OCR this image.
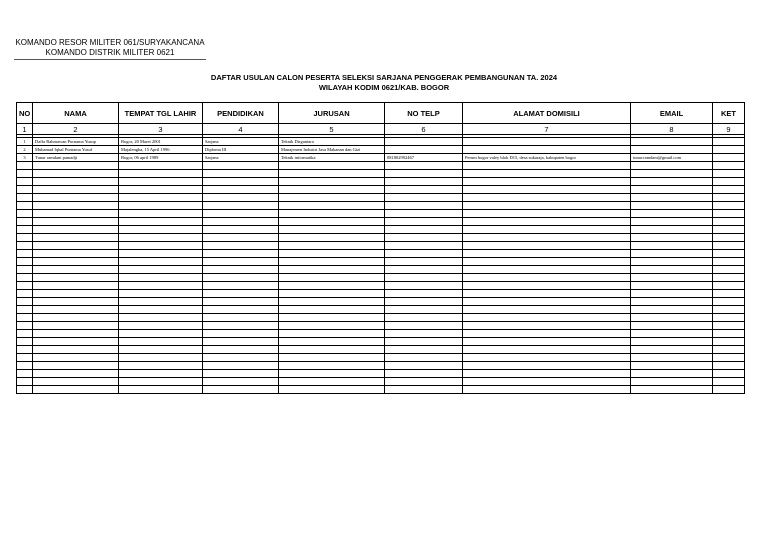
KOMANDO RESOR MILITER 061/SURYAKANCANA
KOMANDO DISTRIK MILITER 0621
DAFTAR USULAN CALON PESERTA SELEKSI SARJANA PENGGERAK PEMBANGUNAN TA. 2024
WILAYAH KODIM 0621/KAB. BOGOR
NO	NAMA	TEMPAT TGL LAHIR	PENDIDIKAN	JURUSAN	NO TELP	ALAMAT DOMISILI	EMAIL	KET
1	2	3	4	5	6	7	8	9

1	Daffa Rahmawan Purnama Yusup	Bogor, 20 Maret 2001	Sarjana	Teknik Dirgantara				
2	Muhamad Iqbal Purnama Yusuf	Majalengka, 15 April 1996	Diploma III	Manajemen Industri Jasa Makanan dan Gizi				
3	Tunar ramdani pamadji	Bogor, 06 april 1989	Sarjana	Teknik informatika	081802992467	Perum bogor valey blok D15, desa sukaraja, kabupaten bogor	tunar.ramdani@gmail.com	
